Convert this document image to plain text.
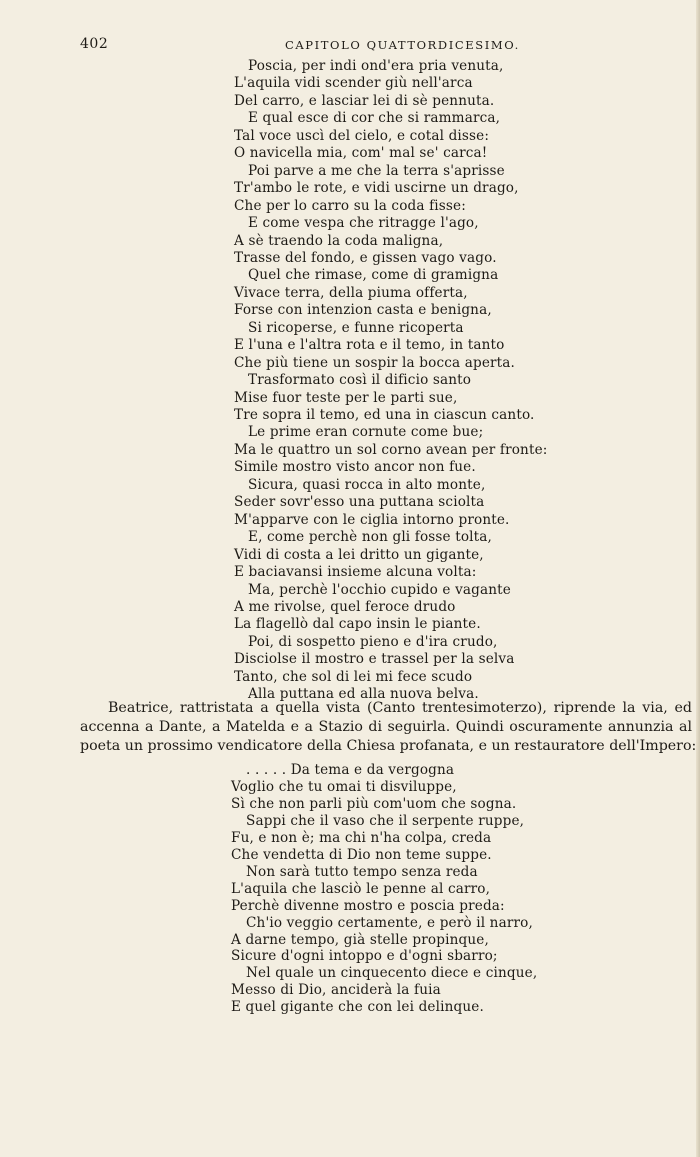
402	CAPITOLO QUATTORDICESIMO.
Poscia, per indi ond'era pria venuta,
L'aquila vidi scender giù nell'arca
Del carro, e lasciar lei di sè pennuta.
E qual esce di cor che si rammarca,
Tal voce uscì del cielo, e cotal disse:
O navicella mia, com' mal se' carca!
Poi parve a me che la terra s'aprisse
Tr'ambo le rote, e vidi uscirne un drago,
Che per lo carro su la coda fisse:
E come vespa che ritragge l'ago,
A sè traendo la coda maligna,
Trasse del fondo, e gissen vago vago.
Quel che rimase, come di gramigna
Vivace terra, della piuma offerta,
Forse con intenzion casta e benigna,
Si ricoperse, e funne ricoperta
E l'una e l'altra rota e il temo, in tanto
Che più tiene un sospir la bocca aperta.
Trasformato così il dificio santo
Mise fuor teste per le parti sue,
Tre sopra il temo, ed una in ciascun canto.
Le prime eran cornute come bue;
Ma le quattro un sol corno avean per fronte:
Simile mostro visto ancor non fue.
Sicura, quasi rocca in alto monte,
Seder sovr'esso una puttana sciolta
M'apparve con le ciglia intorno pronte.
E, come perchè non gli fosse tolta,
Vidi di costa a lei dritto un gigante,
E baciavansi insieme alcuna volta:
Ma, perchè l'occhio cupido e vagante
A me rivolse, quel feroce drudo
La flagellò dal capo insin le piante.
Poi, di sospetto pieno e d'ira crudo,
Disciolse il mostro e trassel per la selva
Tanto, che sol di lei mi fece scudo
Alla puttana ed alla nuova belva.

Beatrice, rattristata a quella vista (Canto trentesimoterzo), riprende la via, ed
accenna a Dante, a Matelda e a Stazio di seguirla. Quindi oscuramente annunzia al
poeta un prossimo vendicatore della Chiesa profanata, e un restauratore dell'Impero:

. . . . . Da tema e da vergogna
Voglio che tu omai ti disviluppe,
Sì che non parli più com'uom che sogna.
Sappi che il vaso che il serpente ruppe,
Fu, e non è; ma chi n'ha colpa, creda
Che vendetta di Dio non teme suppe.
Non sarà tutto tempo senza reda
L'aquila che lasciò le penne al carro,
Perchè divenne mostro e poscia preda:
Ch'io veggio certamente, e però il narro,
A darne tempo, già stelle propinque,
Sicure d'ogni intoppo e d'ogni sbarro;
Nel quale un cinquecento diece e cinque,
Messo di Dio, anciderà la fuia
E quel gigante che con lei delinque.
